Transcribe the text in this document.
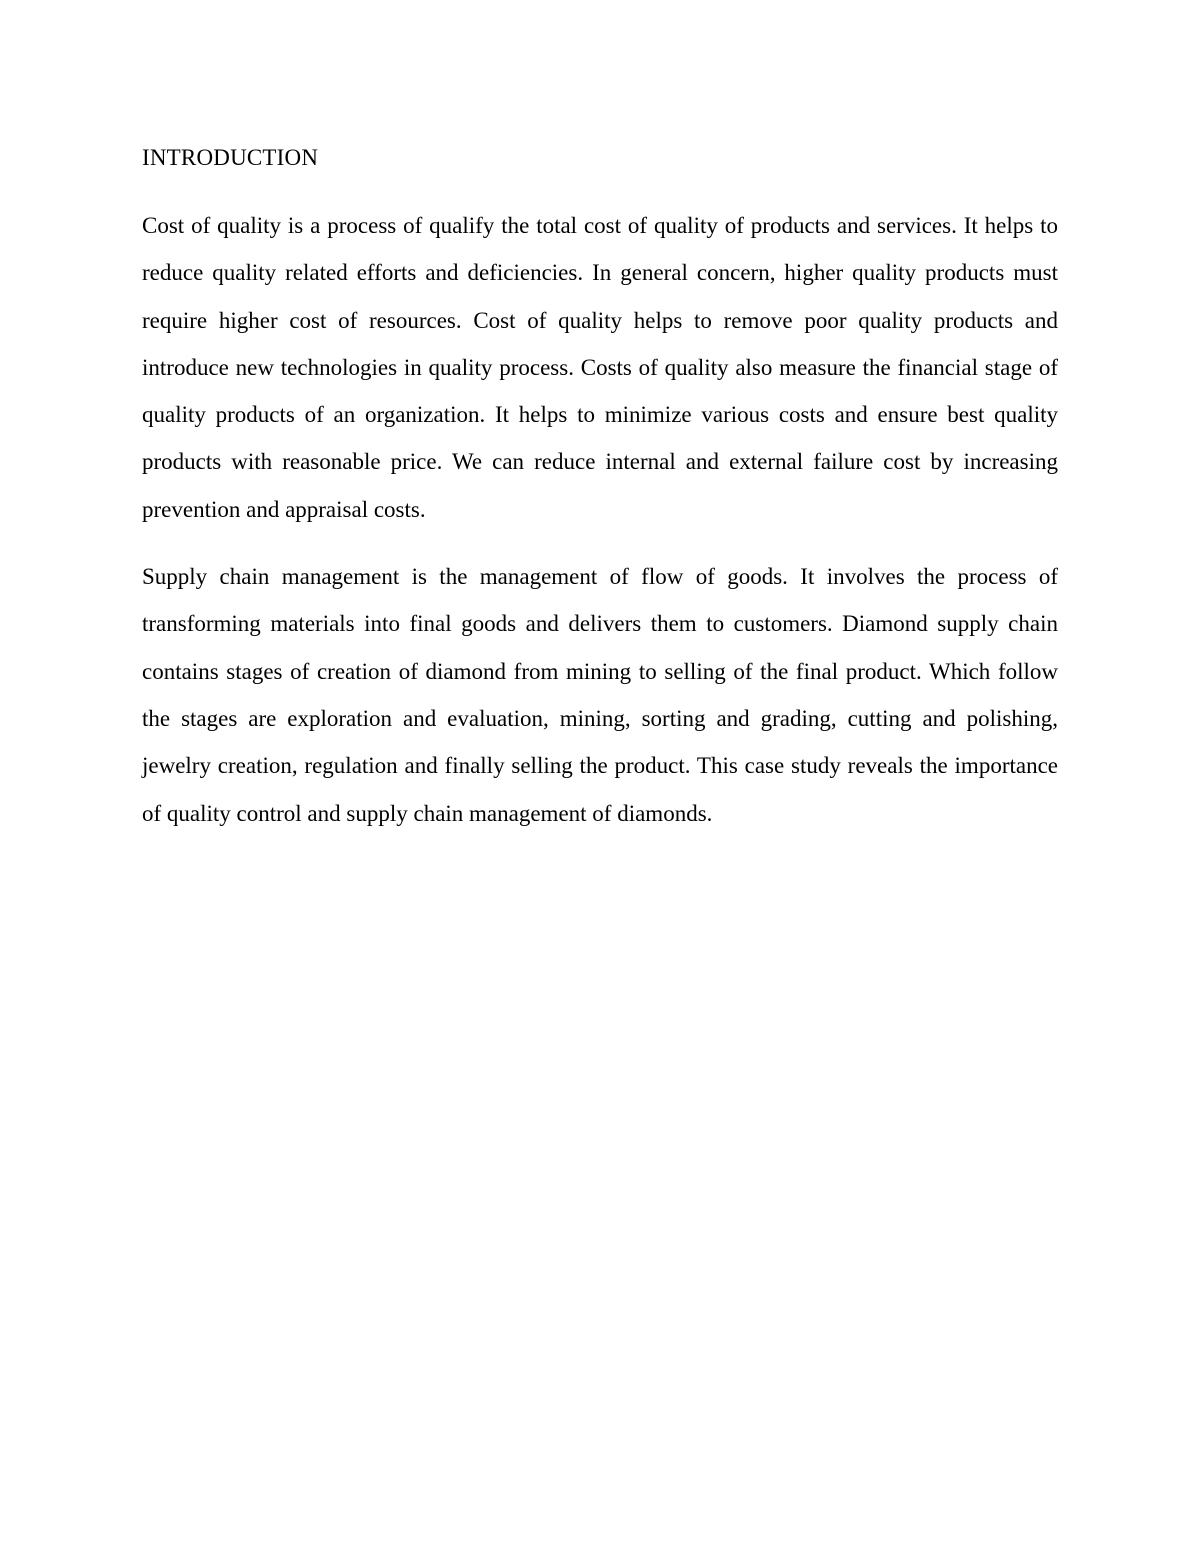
INTRODUCTION

Cost of quality is a process of qualify the total cost of quality of products and services. It helps to reduce quality related efforts and deficiencies. In general concern, higher quality products must require higher cost of resources. Cost of quality helps to remove poor quality products and introduce new technologies in quality process. Costs of quality also measure the financial stage of quality products of an organization. It helps to minimize various costs and ensure best quality products with reasonable price. We can reduce internal and external failure cost by increasing prevention and appraisal costs.

Supply chain management is the management of flow of goods. It involves the process of transforming materials into final goods and delivers them to customers. Diamond supply chain contains stages of creation of diamond from mining to selling of the final product. Which follow the stages are exploration and evaluation, mining, sorting and grading, cutting and polishing, jewelry creation, regulation and finally selling the product. This case study reveals the importance of quality control and supply chain management of diamonds.
